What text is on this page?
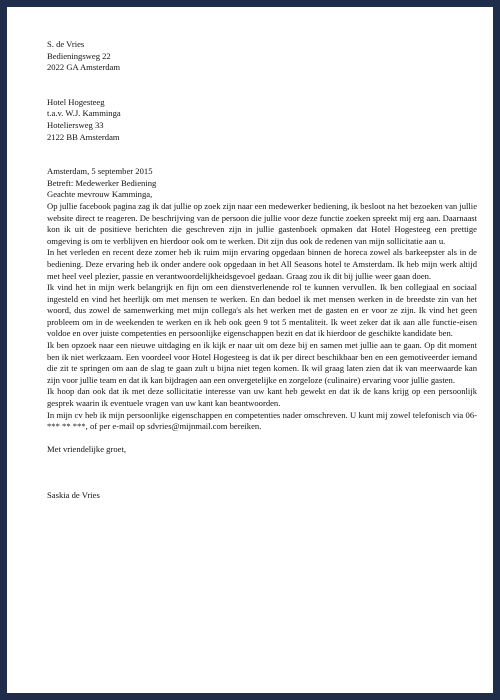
S. de Vries

Bedieningsweg 22

2022 GA Amsterdam

Hotel Hogesteeg

t.a.v. W.J. Kamminga

Hoteliersweg 33

2122 BB Amsterdam

Amsterdam, 5 september 2015

Betreft: Medewerker Bediening

Geachte mevrouw Kamminga,

Op jullie facebook pagina zag ik dat jullie op zoek zijn naar een medewerker bediening, ik besloot na het bezoeken van jullie website direct te reageren. De beschrijving van de persoon die jullie voor deze functie zoeken spreekt mij erg aan. Daarnaast kon ik uit de positieve berichten die geschreven zijn in jullie gastenboek opmaken dat Hotel Hogesteeg een prettige omgeving is om te verblijven en hierdoor ook om te werken. Dit zijn dus ook de redenen van mijn sollicitatie aan u.

In het verleden en recent deze zomer heb ik ruim mijn ervaring opgedaan binnen de horeca zowel als barkeepster als in de bediening. Deze ervaring heb ik onder andere ook opgedaan in het All Seasons hotel te Amsterdam. Ik heb mijn werk altijd met heel veel plezier, passie en verantwoordelijkheidsgevoel gedaan. Graag zou ik dit bij jullie weer gaan doen.

Ik vind het in mijn werk belangrijk en fijn om een dienstverlenende rol te kunnen vervullen. Ik ben collegiaal en sociaal ingesteld en vind het heerlijk om met mensen te werken. En dan bedoel ik met mensen werken in de breedste zin van het woord, dus zowel de samenwerking met mijn collega's als het werken met de gasten en er voor ze zijn. Ik vind het geen probleem om in de weekenden te werken en ik heb ook geen 9 tot 5 mentaliteit. Ik weet zeker dat ik aan alle functie-eisen voldoe en over juiste competenties en persoonlijke eigenschappen bezit en dat ik hierdoor de geschikte kandidate ben.

Ik ben opzoek naar een nieuwe uitdaging en ik kijk er naar uit om deze bij en samen met jullie aan te gaan. Op dit moment ben ik niet werkzaam. Een voordeel voor Hotel Hogesteeg is dat ik per direct beschikbaar ben en een gemotiveerder iemand die zit te springen om aan de slag te gaan zult u bijna niet tegen komen. Ik wil graag laten zien dat ik van meerwaarde kan zijn voor jullie team en dat ik kan bijdragen aan een onvergetelijke en zorgeloze (culinaire) ervaring voor jullie gasten.

Ik hoop dan ook dat ik met deze sollicitatie interesse van uw kant heb gewekt en dat ik de kans krijg op een persoonlijk gesprek waarin ik eventuele vragen van uw kant kan beantwoorden.

In mijn cv heb ik mijn persoonlijke eigenschappen en competenties nader omschreven. U kunt mij zowel telefonisch via 06-*** ** ***, of per e-mail op sdvries@mijnmail.com bereiken.

Met vriendelijke groet,

Saskia de Vries
